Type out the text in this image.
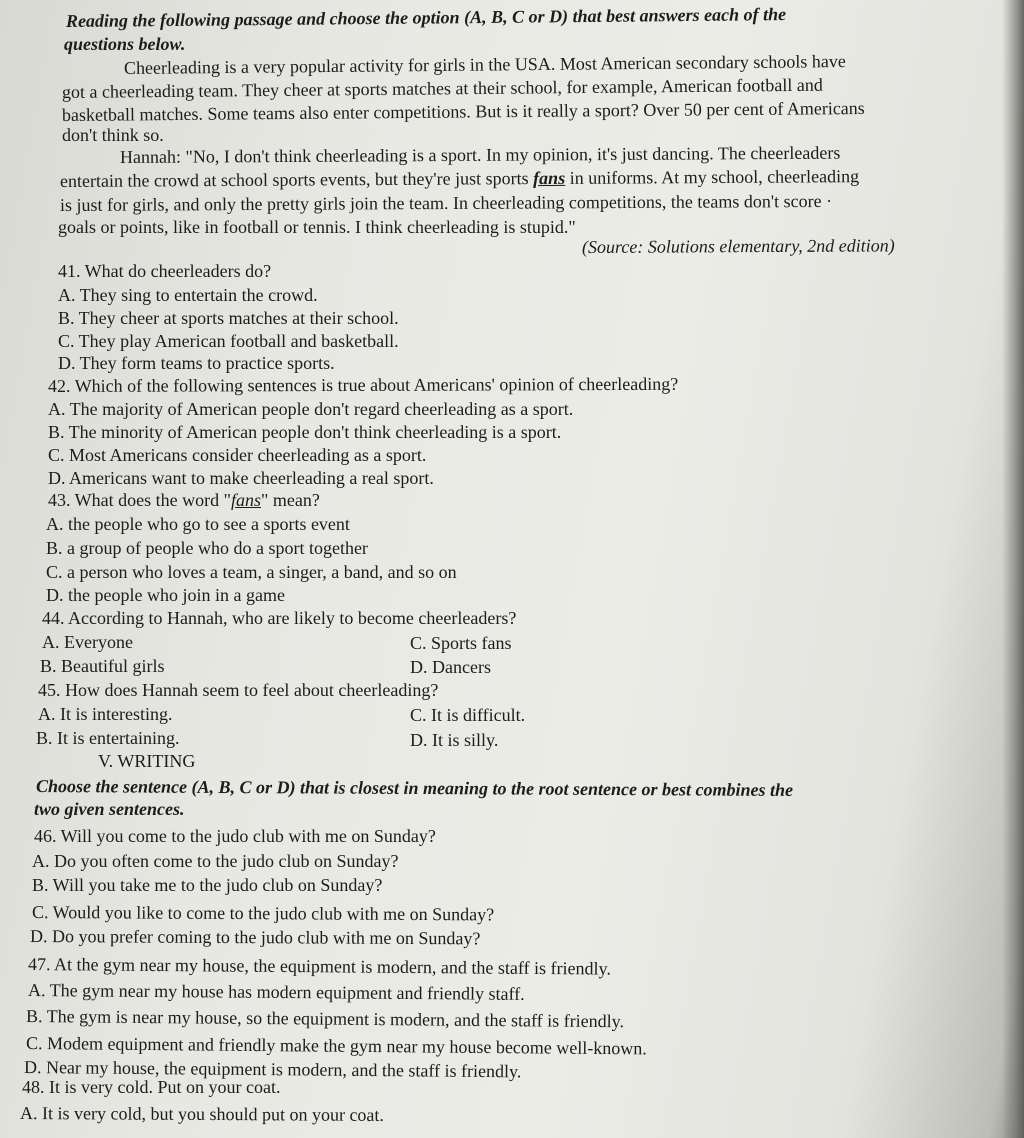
Reading the following passage and choose the option (A, B, C or D) that best answers each of the
questions below.
Cheerleading is a very popular activity for girls in the USA. Most American secondary schools have
got a cheerleading team. They cheer at sports matches at their school, for example, American football and
basketball matches. Some teams also enter competitions. But is it really a sport? Over 50 per cent of Americans
don't think so.
Hannah: "No, I don't think cheerleading is a sport. In my opinion, it's just dancing. The cheerleaders
entertain the crowd at school sports events, but they're just sports fans in uniforms. At my school, cheerleading
is just for girls, and only the pretty girls join the team. In cheerleading competitions, the teams don't score ·
goals or points, like in football or tennis. I think cheerleading is stupid."
(Source: Solutions elementary, 2nd edition)
41. What do cheerleaders do?
A. They sing to entertain the crowd.
B. They cheer at sports matches at their school.
C. They play American football and basketball.
D. They form teams to practice sports.
42. Which of the following sentences is true about Americans' opinion of cheerleading?
A. The majority of American people don't regard cheerleading as a sport.
B. The minority of American people don't think cheerleading is a sport.
C. Most Americans consider cheerleading as a sport.
D. Americans want to make cheerleading a real sport.
43. What does the word "fans" mean?
A. the people who go to see a sports event
B. a group of people who do a sport together
C. a person who loves a team, a singer, a band, and so on
D. the people who join in a game
44. According to Hannah, who are likely to become cheerleaders?
A. Everyone	C. Sports fans
B. Beautiful girls	D. Dancers
45. How does Hannah seem to feel about cheerleading?
A. It is interesting.	C. It is difficult.
B. It is entertaining.	D. It is silly.
V. WRITING
Choose the sentence (A, B, C or D) that is closest in meaning to the root sentence or best combines the
two given sentences.
46. Will you come to the judo club with me on Sunday?
A. Do you often come to the judo club on Sunday?
B. Will you take me to the judo club on Sunday?
C. Would you like to come to the judo club with me on Sunday?
D. Do you prefer coming to the judo club with me on Sunday?
47. At the gym near my house, the equipment is modern, and the staff is friendly.
A. The gym near my house has modern equipment and friendly staff.
B. The gym is near my house, so the equipment is modern, and the staff is friendly.
C. Modem equipment and friendly make the gym near my house become well-known.
D. Near my house, the equipment is modern, and the staff is friendly.
48. It is very cold. Put on your coat.
A. It is very cold, but you should put on your coat.
